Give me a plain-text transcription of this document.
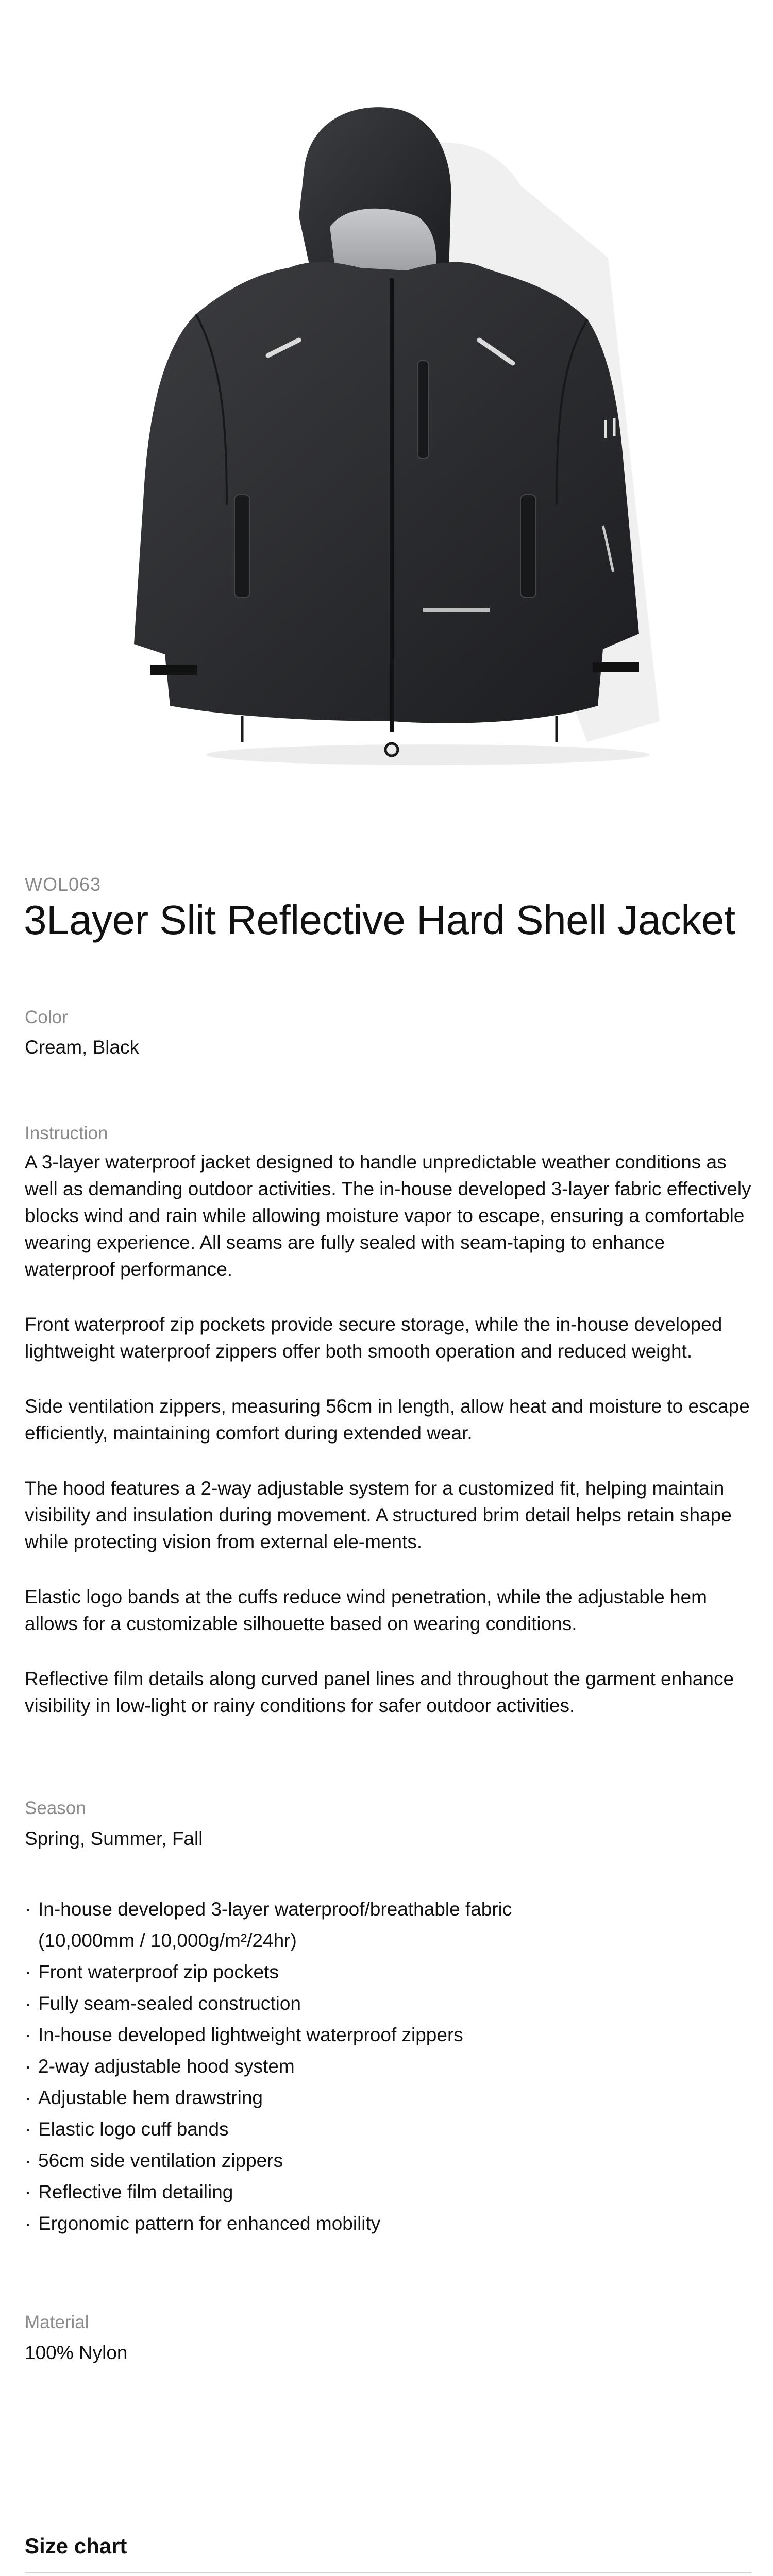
WOL063
3Layer Slit Reflective Hard Shell Jacket
Color
Cream, Black
Instruction

A 3-layer waterproof jacket designed to handle unpredictable weather conditions as well as demanding outdoor activities. The in-house developed 3-layer fabric effectively blocks wind and rain while allowing moisture vapor to escape, ensuring a comfortable wearing experience. All seams are fully sealed with seam-taping to enhance waterproof performance.

Front waterproof zip pockets provide secure storage, while the in-house developed lightweight waterproof zippers offer both smooth operation and reduced weight.

Side ventilation zippers, measuring 56cm in length, allow heat and moisture to escape efficiently, maintaining comfort during extended wear.

The hood features a 2-way adjustable system for a customized fit, helping maintain visibility and insulation during movement. A structured brim detail helps retain shape while protecting vision from external ele-ments.

Elastic logo bands at the cuffs reduce wind penetration, while the adjustable hem allows for a customizable silhouette based on wearing conditions.

Reflective film details along curved panel lines and throughout the garment enhance visibility in low-light or rainy conditions for safer outdoor activities.

Season
Spring, Summer, Fall
· In-house developed 3-layer waterproof/breathable fabric
(10,000mm / 10,000g/m²/24hr)
· Front waterproof zip pockets
· Fully seam-sealed construction
· In-house developed lightweight waterproof zippers
· 2-way adjustable hood system
· Adjustable hem drawstring
· Elastic logo cuff bands
· 56cm side ventilation zippers
· Reflective film detailing
· Ergonomic pattern for enhanced mobility
Material
100% Nylon
Size chart
